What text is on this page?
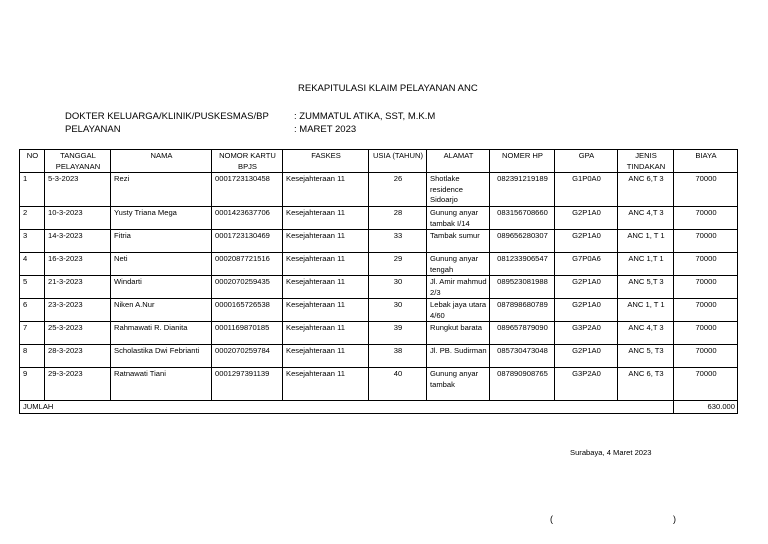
REKAPITULASI KLAIM PELAYANAN ANC
DOKTER KELUARGA/KLINIK/PUSKESMAS/BP	: ZUMMATUL ATIKA, SST, M.K.M
PELAYANAN	: MARET 2023
NO	TANGGAL PELAYANAN	NAMA	NOMOR KARTU BPJS	FASKES	USIA (TAHUN)	ALAMAT	NOMER HP	GPA	JENIS TINDAKAN	BIAYA
1	5-3-2023	Rezi	0001723130458	Kesejahteraan 11	26	Shotlake residence Sidoarjo	082391219189	G1P0A0	ANC 6,T 3	70000
2	10-3-2023	Yusty Triana Mega	0001423637706	Kesejahteraan 11	28	Gunung anyar tambak I/14	083156708660	G2P1A0	ANC 4,T 3	70000
3	14-3-2023	Fitria	0001723130469	Kesejahteraan 11	33	Tambak sumur	089656280307	G2P1A0	ANC 1, T 1	70000
4	16-3-2023	Neti	0002087721516	Kesejahteraan 11	29	Gunung anyar tengah	081233906547	G7P0A6	ANC 1,T 1	70000
5	21-3-2023	Windarti	0002070259435	Kesejahteraan 11	30	Jl. Amir mahmud 2/3	089523081988	G2P1A0	ANC 5,T 3	70000
6	23-3-2023	Niken A.Nur	0000165726538	Kesejahteraan 11	30	Lebak jaya utara 4/60	087898680789	G2P1A0	ANC 1, T 1	70000
7	25-3-2023	Rahmawati R. Dianita	0001169870185	Kesejahteraan 11	39	Rungkut barata	089657879090	G3P2A0	ANC 4,T 3	70000
8	28-3-2023	Scholastika Dwi Febrianti	0002070259784	Kesejahteraan 11	38	Jl. PB. Sudirman	085730473048	G2P1A0	ANC 5, T3	70000
9	29-3-2023	Ratnawati Tiani	0001297391139	Kesejahteraan 11	40	Gunung anyar tambak	087890908765	G3P2A0	ANC 6, T3	70000
JUMLAH										630.000
Surabaya, 4 Maret 2023
(	)
